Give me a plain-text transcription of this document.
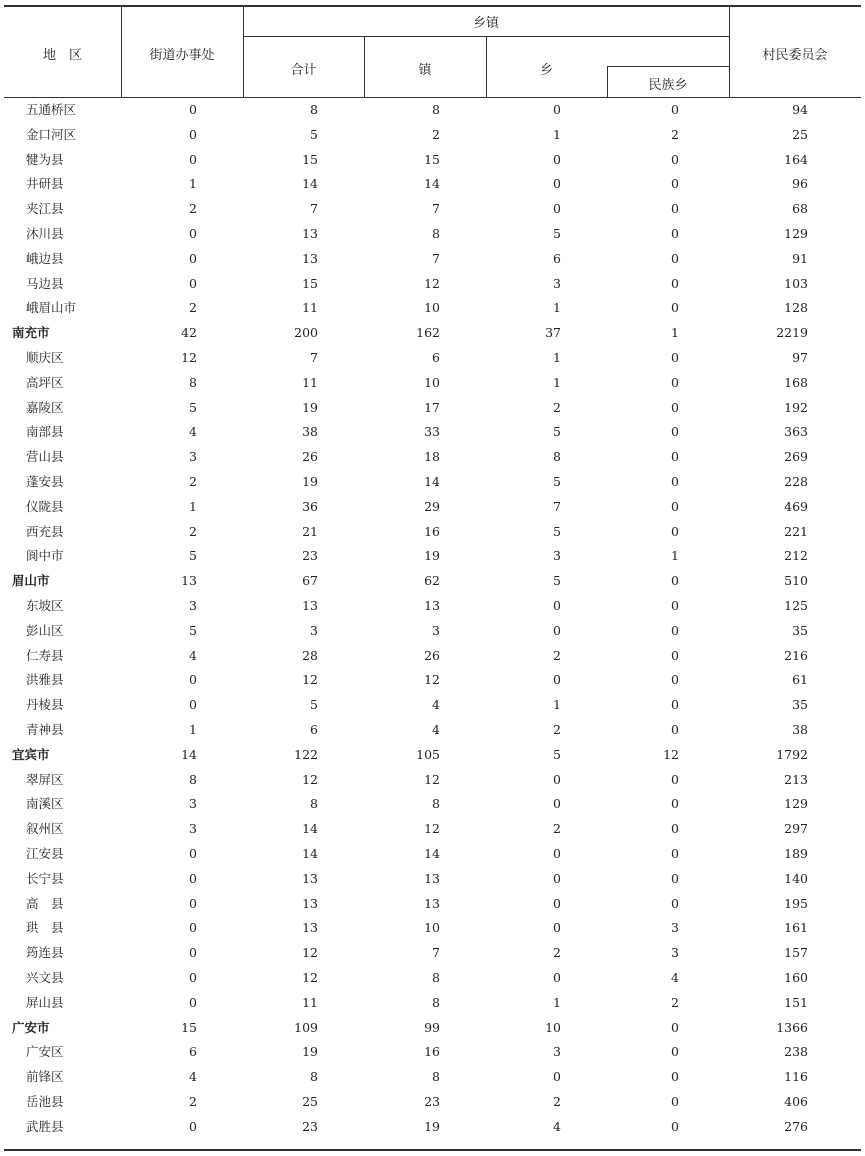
地　区	街道办事处
乡镇
合计	镇	乡
民族乡
村民委员会
五通桥区	0	8	8	0	0	94
金口河区	0	5	2	1	2	25
犍为县	0	15	15	0	0	164
井研县	1	14	14	0	0	96
夹江县	2	7	7	0	0	68
沐川县	0	13	8	5	0	129
峨边县	0	13	7	6	0	91
马边县	0	15	12	3	0	103
峨眉山市	2	11	10	1	0	128
南充市	42	200	162	37	1	2219
顺庆区	12	7	6	1	0	97
高坪区	8	11	10	1	0	168
嘉陵区	5	19	17	2	0	192
南部县	4	38	33	5	0	363
营山县	3	26	18	8	0	269
蓬安县	2	19	14	5	0	228
仪陇县	1	36	29	7	0	469
西充县	2	21	16	5	0	221
阆中市	5	23	19	3	1	212
眉山市	13	67	62	5	0	510
东坡区	3	13	13	0	0	125
彭山区	5	3	3	0	0	35
仁寿县	4	28	26	2	0	216
洪雅县	0	12	12	0	0	61
丹棱县	0	5	4	1	0	35
青神县	1	6	4	2	0	38
宜宾市	14	122	105	5	12	1792
翠屏区	8	12	12	0	0	213
南溪区	3	8	8	0	0	129
叙州区	3	14	12	2	0	297
江安县	0	14	14	0	0	189
长宁县	0	13	13	0	0	140
高　县	0	13	13	0	0	195
珙　县	0	13	10	0	3	161
筠连县	0	12	7	2	3	157
兴文县	0	12	8	0	4	160
屏山县	0	11	8	1	2	151
广安市	15	109	99	10	0	1366
广安区	6	19	16	3	0	238
前锋区	4	8	8	0	0	116
岳池县	2	25	23	2	0	406
武胜县	0	23	19	4	0	276
